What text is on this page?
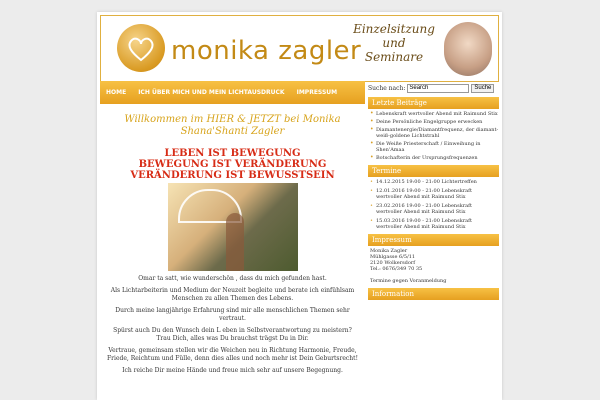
monika zagler
Einzelsitzung
und
Seminare
HOME ICH ÜBER MICH UND MEIN LICHTAUSDRUCK IMPRESSUM
Willkommen im HIER & JETZT bei Monika
Shana'Shanti Zagler
LEBEN IST BEWEGUNG
BEWEGUNG IST VERÄNDERUNG
VERÄNDERUNG IST BEWUSSTSEIN

Omar ta satt, wie wunderschön , dass du mich gefunden hast.

Als Lichtarbeiterin und Medium der Neuzeit begleite und berate ich einfühlsam Menschen zu allen Themen des Lebens.

Durch meine langjährige Erfahrung sind mir alle menschlichen Themen sehr vertraut.

Spürst auch Du den Wunsch dein L eben in Selbstverantwortung zu meistern? Trau Dich, alles was Du brauchst trägst Du in Dir.

Vertraue, gemeinsam stellen wir die Weichen neu in Richtung Harmonie, Freude, Friede, Reichtum und Fülle, denn dies alles und noch mehr ist Dein Geburtsrecht!

Ich reiche Dir meine Hände und freue mich sehr auf unsere Begegnung.

Suche nach:
Search	Suche
Letzte Beiträge
• Lebenskraft wertvoller Abend mit Raimund Stix
• Deine Persönliche Engelgruppe erwecken
• Diamantenergie/Diamantfrequenz, der diamant-weiß-goldene Lichtstrahl
• Die Weiße Priesterschaft / Einweihung in Shen'Amaa
• Botschafterin der Ursprungsfrequenzen
Termine
• 14.12.2015 19:00 - 21:00 Lichtertreffen
• 12.01.2016 19:00 - 21:00 Lebenskraft wertvoller Abend mit Raimund Stix
• 23.02.2016 19:00 - 21:00 Lebenskraft wertvoller Abend mit Raimund Stix
• 15.03.2016 19:00 - 21:00 Lebenskraft wertvoller Abend mit Raimund Stix
Impressum
Monika Zagler
Mühlgasse 6/5/11
2120 Wolkersdorf
Tel.: 0676/349 70 35
Termine gegen Voranmeldung
Information
